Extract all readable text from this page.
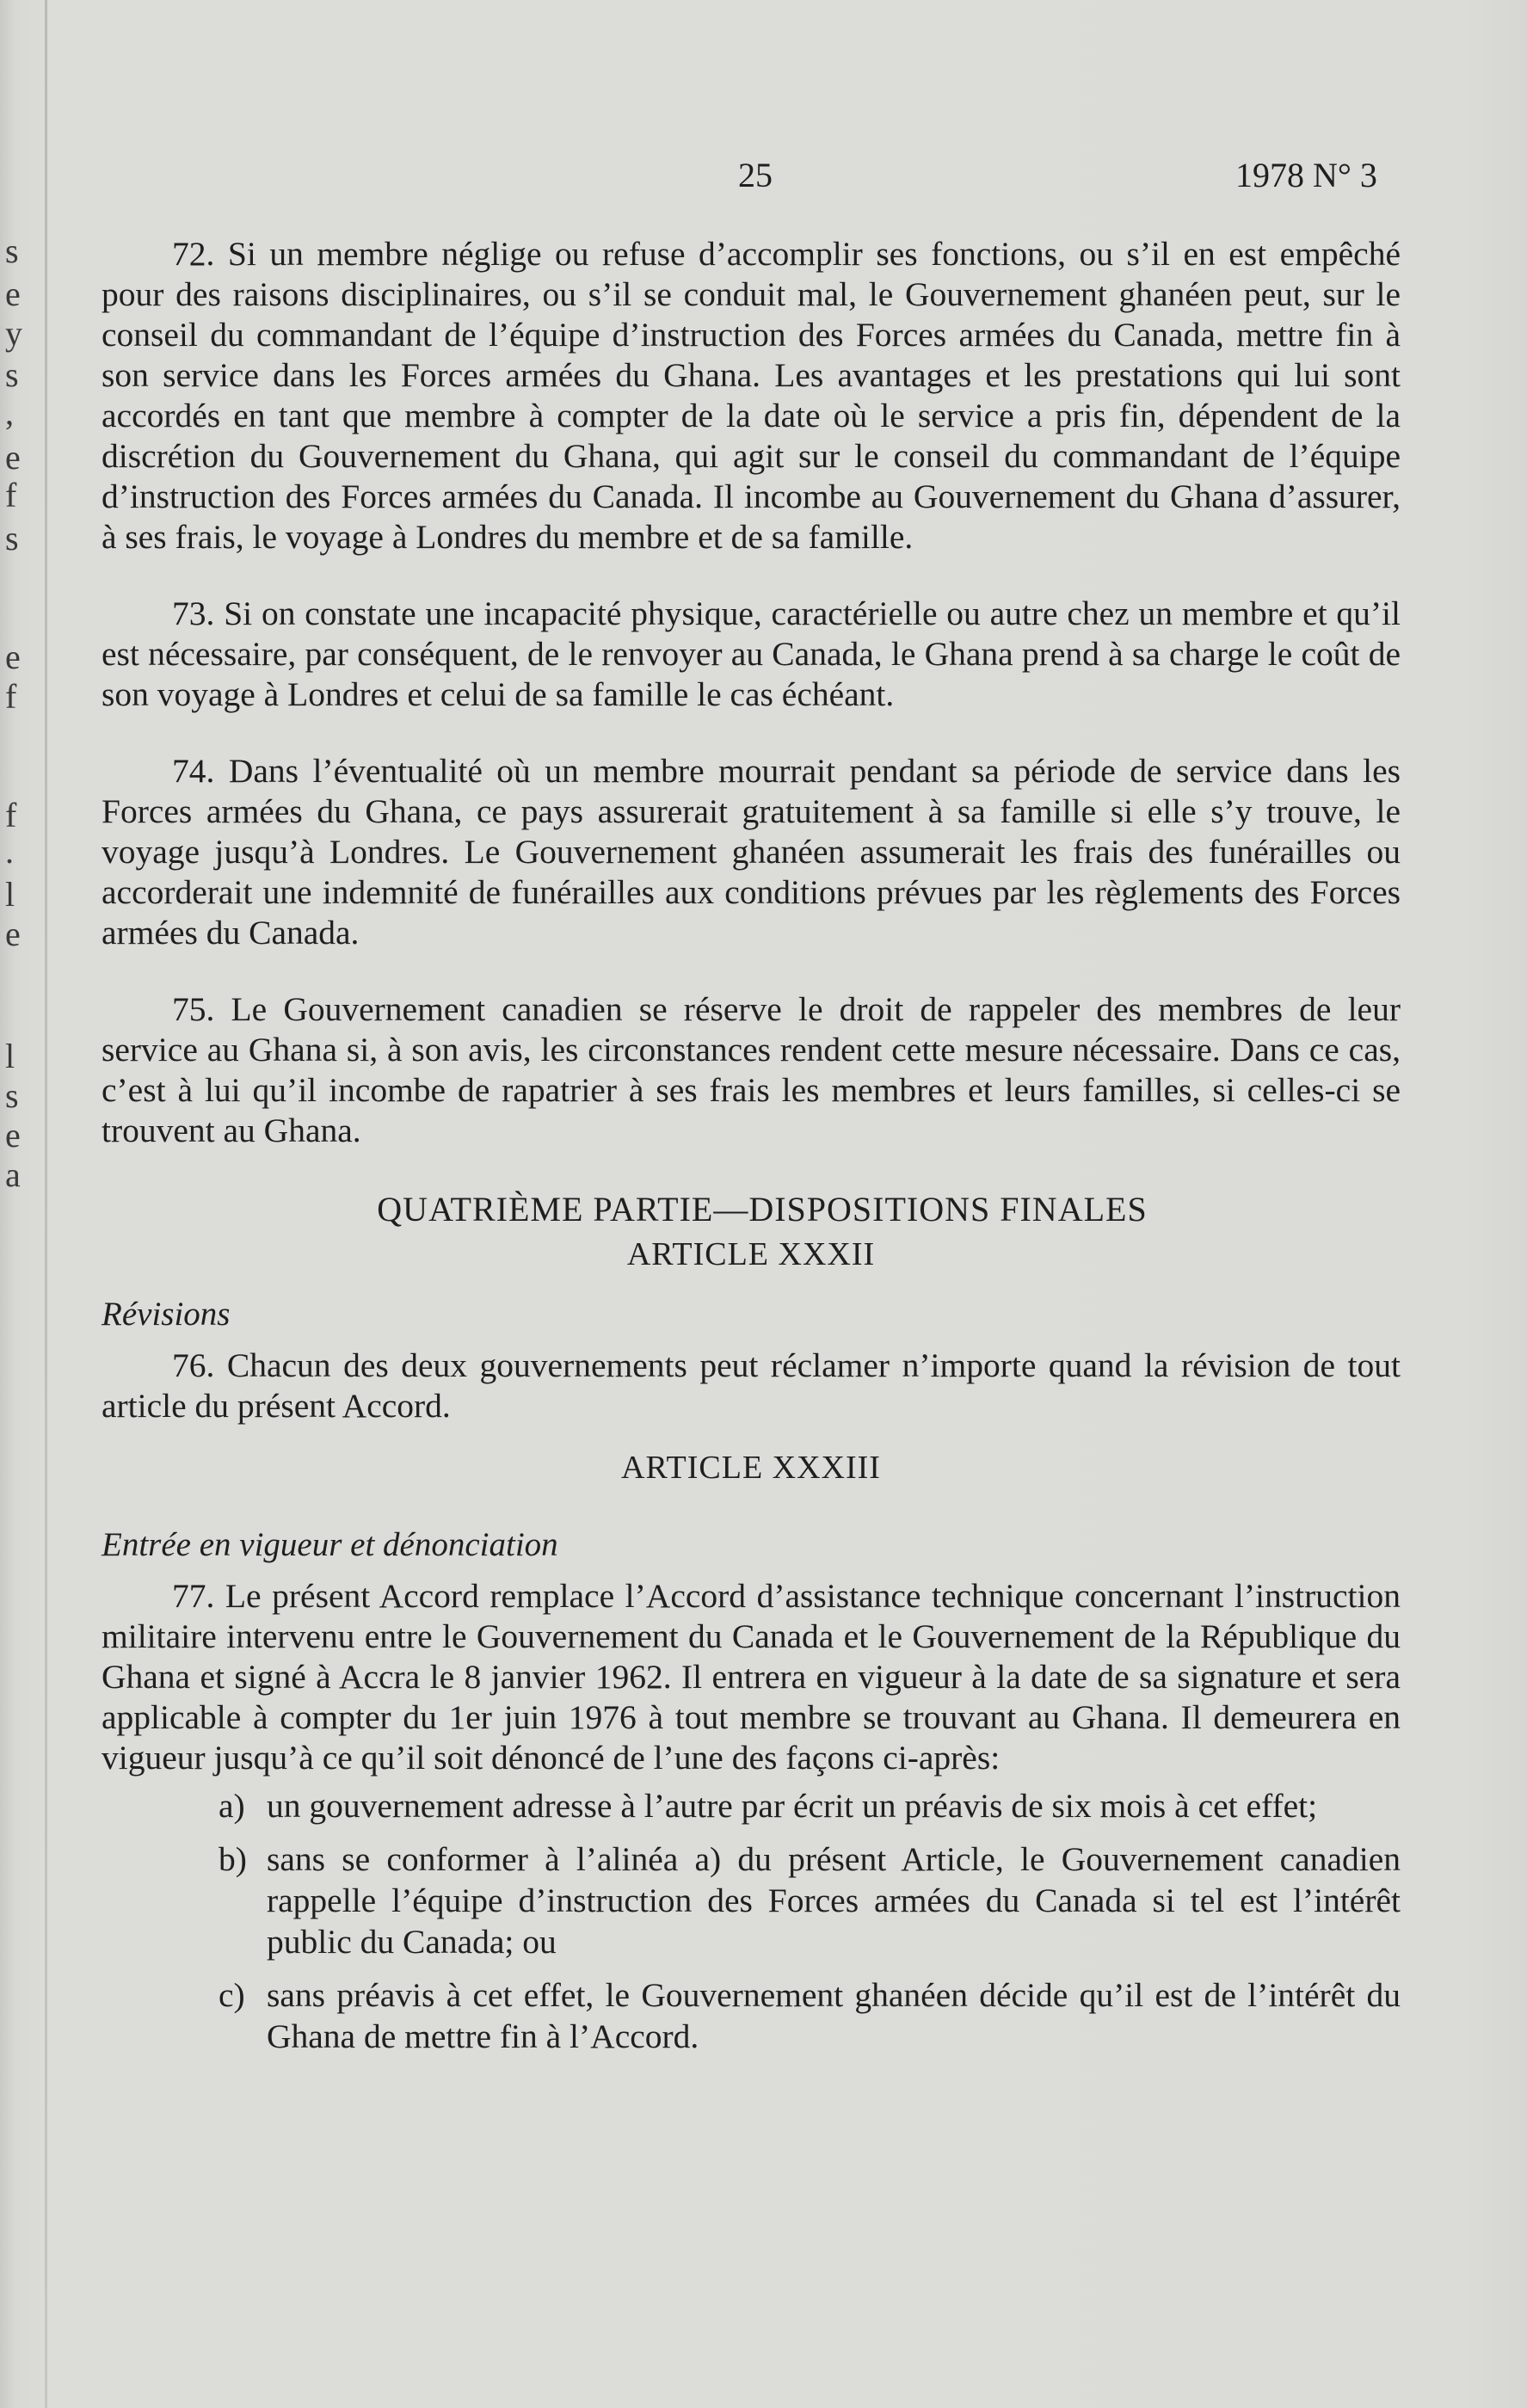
s
e
y
s
,
e
f
s
e
f
f
.
l
e
l
s
e
a
25	1978 N° 3

72. Si un membre néglige ou refuse d’accomplir ses fonctions, ou s’il en est empêché pour des raisons disciplinaires, ou s’il se conduit mal, le Gouvernement ghanéen peut, sur le conseil du commandant de l’équipe d’instruction des Forces armées du Canada, mettre fin à son service dans les Forces armées du Ghana. Les avantages et les prestations qui lui sont accordés en tant que membre à compter de la date où le service a pris fin, dépendent de la discrétion du Gouvernement du Ghana, qui agit sur le conseil du commandant de l’équipe d’instruction des Forces armées du Canada. Il incombe au Gouvernement du Ghana d’assurer, à ses frais, le voyage à Londres du membre et de sa famille.

73. Si on constate une incapacité physique, caractérielle ou autre chez un membre et qu’il est nécessaire, par conséquent, de le renvoyer au Canada, le Ghana prend à sa charge le coût de son voyage à Londres et celui de sa famille le cas échéant.

74. Dans l’éventualité où un membre mourrait pendant sa période de service dans les Forces armées du Ghana, ce pays assurerait gratuitement à sa famille si elle s’y trouve, le voyage jusqu’à Londres. Le Gouvernement ghanéen assumerait les frais des funérailles ou accorderait une indemnité de funérailles aux conditions prévues par les règlements des Forces armées du Canada.

75. Le Gouvernement canadien se réserve le droit de rappeler des membres de leur service au Ghana si, à son avis, les circonstances rendent cette mesure nécessaire. Dans ce cas, c’est à lui qu’il incombe de rapatrier à ses frais les membres et leurs familles, si celles-ci se trouvent au Ghana.

QUATRIÈME PARTIE—DISPOSITIONS FINALES
ARTICLE XXXII
Révisions

76. Chacun des deux gouvernements peut réclamer n’importe quand la révision de tout article du présent Accord.

ARTICLE XXXIII
Entrée en vigueur et dénonciation

77. Le présent Accord remplace l’Accord d’assistance technique concernant l’instruction militaire intervenu entre le Gouvernement du Canada et le Gouvernement de la République du Ghana et signé à Accra le 8 janvier 1962. Il entrera en vigueur à la date de sa signature et sera applicable à compter du 1er juin 1976 à tout membre se trouvant au Ghana. Il demeurera en vigueur jusqu’à ce qu’il soit dénoncé de l’une des façons ci-après:

a) un gouvernement adresse à l’autre par écrit un préavis de six mois à cet effet;
b) sans se conformer à l’alinéa a) du présent Article, le Gouvernement canadien rappelle l’équipe d’instruction des Forces armées du Canada si tel est l’intérêt public du Canada; ou
c) sans préavis à cet effet, le Gouvernement ghanéen décide qu’il est de l’intérêt du Ghana de mettre fin à l’Accord.
